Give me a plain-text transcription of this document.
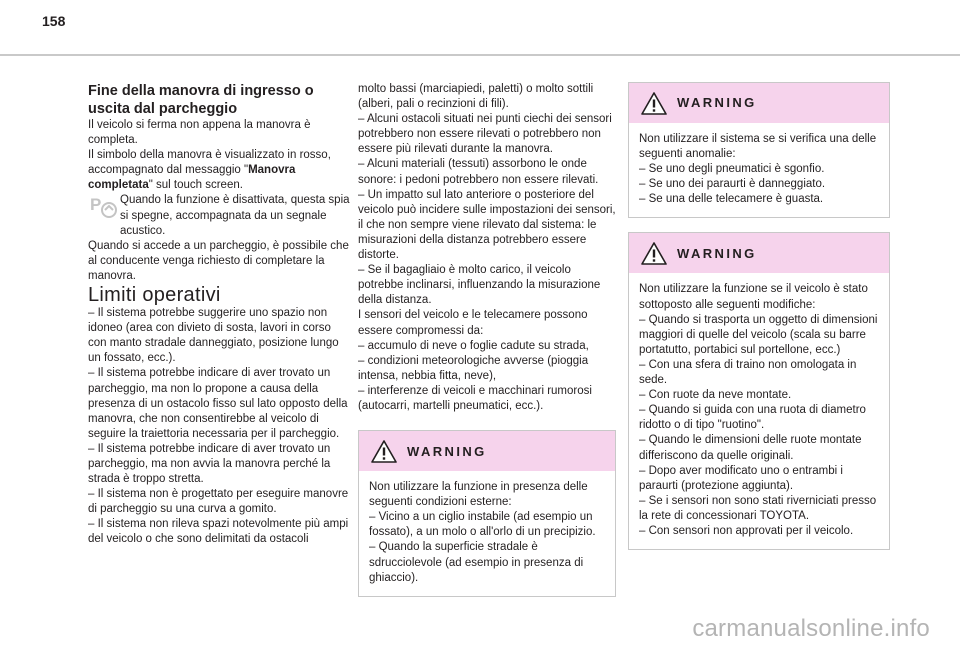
158

Fine della manovra di ingresso o uscita dal parcheggio

Il veicolo si ferma non appena la manovra è completa.

Il simbolo della manovra è visualizzato in rosso, accompagnato dal messaggio "Manovra completata" sul touch screen.

P Quando la funzione è disattivata, questa spia si spegne, accompagnata da un segnale acustico.

Quando si accede a un parcheggio, è possibile che al conducente venga richiesto di completare la manovra.

Limiti operativi

– Il sistema potrebbe suggerire uno spazio non idoneo (area con divieto di sosta, lavori in corso con manto stradale danneggiato, posizione lungo un fossato, ecc.).

– Il sistema potrebbe indicare di aver trovato un parcheggio, ma non lo propone a causa della presenza di un ostacolo fisso sul lato opposto della manovra, che non consentirebbe al veicolo di seguire la traiettoria necessaria per il parcheggio.

– Il sistema potrebbe indicare di aver trovato un parcheggio, ma non avvia la manovra perché la strada è troppo stretta.

– Il sistema non è progettato per eseguire manovre di parcheggio su una curva a gomito.

– Il sistema non rileva spazi notevolmente più ampi del veicolo o che sono delimitati da ostacoli

molto bassi (marciapiedi, paletti) o molto sottili (alberi, pali o recinzioni di fili).

– Alcuni ostacoli situati nei punti ciechi dei sensori potrebbero non essere rilevati o potrebbero non essere più rilevati durante la manovra.

– Alcuni materiali (tessuti) assorbono le onde sonore: i pedoni potrebbero non essere rilevati.

– Un impatto sul lato anteriore o posteriore del veicolo può incidere sulle impostazioni dei sensori, il che non sempre viene rilevato dal sistema: le misurazioni della distanza potrebbero essere distorte.

– Se il bagagliaio è molto carico, il veicolo potrebbe inclinarsi, influenzando la misurazione della distanza.

I sensori del veicolo e le telecamere possono essere compromessi da:

– accumulo di neve o foglie cadute su strada,

– condizioni meteorologiche avverse (pioggia intensa, nebbia fitta, neve),

– interferenze di veicoli e macchinari rumorosi (autocarri, martelli pneumatici, ecc.).

WARNING

Non utilizzare la funzione in presenza delle seguenti condizioni esterne:

– Vicino a un ciglio instabile (ad esempio un fossato), a un molo o all'orlo di un precipizio.

– Quando la superficie stradale è sdrucciolevole (ad esempio in presenza di ghiaccio).

WARNING

Non utilizzare il sistema se si verifica una delle seguenti anomalie:

– Se uno degli pneumatici è sgonfio.

– Se uno dei paraurti è danneggiato.

– Se una delle telecamere è guasta.

WARNING

Non utilizzare la funzione se il veicolo è stato sottoposto alle seguenti modifiche:

– Quando si trasporta un oggetto di dimensioni maggiori di quelle del veicolo (scala su barre portatutto, portabici sul portellone, ecc.)

– Con una sfera di traino non omologata in sede.

– Con ruote da neve montate.

– Quando si guida con una ruota di diametro ridotto o di tipo "ruotino".

– Quando le dimensioni delle ruote montate differiscono da quelle originali.

– Dopo aver modificato uno o entrambi i paraurti (protezione aggiunta).

– Se i sensori non sono stati riverniciati presso la rete di concessionari TOYOTA.

– Con sensori non approvati per il veicolo.

carmanualsonline.info
